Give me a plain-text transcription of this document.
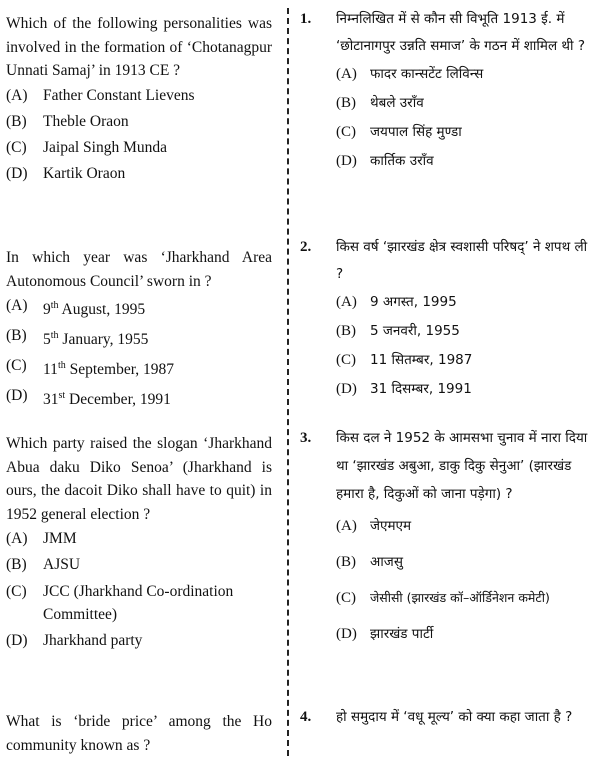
Which of the following personalities was involved in the formation of ‘Chotanagpur Unnati Samaj’ in 1913 CE ?

(A) Father Constant Lievens
(B)	Theble Oraon
(C)	Jaipal Singh Munda
(D) Kartik Oraon

In which year was ‘Jharkhand Area Autonomous Council’ sworn in ?

(A) 9th August, 1995
(B)	5th January, 1955
(C)	11th September, 1987
(D) 31st December, 1991

Which party raised the slogan ‘Jharkhand Abua daku Diko Senoa’ (Jharkhand is ours, the dacoit Diko shall have to quit) in 1952 general election ?

(A) JMM
(B)	AJSU
(C)	JCC (Jharkhand Co-ordination Committee)
(D) Jharkhand party

What is ‘bride price’ among the Ho community known as ?

1.	निम्नलिखित में से कौन सी विभूति 1913 ई. में ‘छोटानागपुर उन्नति समाज’ के गठन में शामिल थी ?
(A) फादर कान्सटेंट लिविन्स
(B)	थेबले उराँव
(C)	जयपाल सिंह मुण्डा
(D) कार्तिक उराँव
2.	किस वर्ष ‘झारखंड क्षेत्र स्वशासी परिषद्’ ने शपथ ली ?
(A) 9 अगस्त, 1995
(B)	5 जनवरी, 1955
(C)	11 सितम्बर, 1987
(D) 31 दिसम्बर, 1991
3.	किस दल ने 1952 के आमसभा चुनाव में नारा दिया था ‘झारखंड अबुआ, डाकु दिकु सेनुआ’ (झारखंड हमारा है, दिकुओं को जाना पड़ेगा) ?
(A) जेएमएम
(B)	आजसु
(C)	जेसीसी (झारखंड कॉ–ऑर्डिनेशन कमेटी)
(D) झारखंड पार्टी
4.	हो समुदाय में ‘वधू मूल्य’ को क्या कहा जाता है ?
